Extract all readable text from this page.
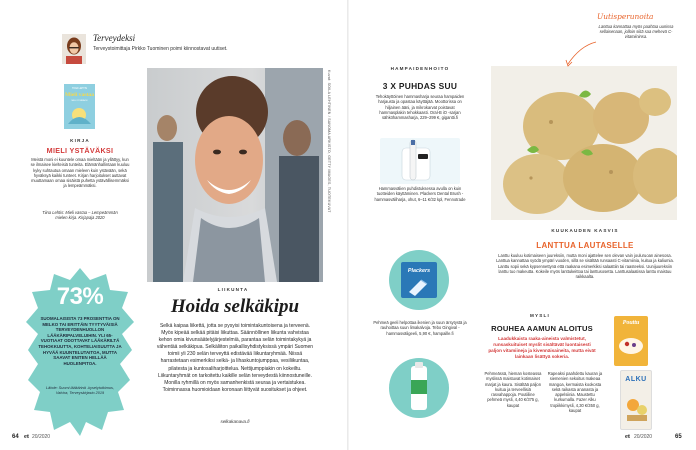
Terveydeksi
Terveystoimittaja Pirkko Tuominen poimi kiinnostavat uutiset.
TIINA LEHTIS
Mieli vastaa
MIELI YSTÄVÄKSI
KIRJA
MIELI YSTÄVÄKSI
Meistä moni ei kuuntele omaa mieltään ja yllättyy, kun se ilmaisee kielteisiä tunteita. Elämänhallintaan kuuluu kyky suhtautua omaan mieleen kuin ystävään, sekä hyväksyä kaikki tunteet. Kirjan harjoitukset auttavat muuttamaan omaa sisäistä puhetta ystävällisemmäksi ja lempeämmäksi.
Tiina Lehtis: Mieli vastaa – Lempeämmän mielen kirja. Kirjapaja 2020
73%
SUOMALAISISTA 73 PROSENTTIA ON MELKO TAI ERITTÄIN TYYTYVÄISIÄ TERVEYDENHUOLLON LÄÄKÄRIPALVELUIHIN. YLI 65-VUOTIAAT ODOTTAVAT LÄÄKÄRILTÄ TEHOKKUUTTA, KOHTELIAISUUTTA JA HYVÄÄ KUUNTELUTAITOA, MUTTA SAAVAT ENITEN HELLÄÄ HUOLENPITOA.
Lähde: Suomi lääkärinä -kyselytutkimus, Valvira, Terveyskirjasto 2019
Kuvat: SOILA LEHTINEN / SANOMA ARKISTO, GETTY IMAGES, TUOTEKUVAT
LIIKUNTA
Hoida selkäkipu
Selkä kaipaa liikettä, jotta se pysyisi toimintakuntoisena ja terveenä. Myös kipeää selkää pitäisi liikuttaa. Säännöllinen liikunta vahvistaa kehon omia kivunsäätelyjärjestelmiä, parantaa selän toimintakykyä ja vähentää selkäkipua. Selkäliiton paikallisyhdistyksissä ympäri Suomen toimii yli 230 selän terveyttä edistävää liikuntaryhmää. Niissä harrastetaan esimerkiksi selkä- ja lihaskuntojumppaa, vesiliikuntaa, pilatesta ja kuntosaliharjoittelua. Nettijumppiakin on kokeiltu. Liikuntaryhmät on tarkoitettu kaikille selän terveydestä kiinnostuneille. Monilla ryhmillä on myös samanhenkistä seuraa ja vertaistukea. Toiminnassa huomioidaan koronaan liittyvät suositukset ja ohjeet.
selkakanava.fi
64 et 20/2020
HAMPAIDENHOITO
3 X PUHDAS SUU
Tehokäyttöinen hammasharja seuraa hampaiden harjausta ja opastaa käyttäjää. Moottorissa on hiljainen ääni, ja mikrokarvat poistavat hammasplakin tehokkaasti. Oral-B iO -sarjan sähköhammasharja, 229–299 €, gigantti.fi
Hammasvälien puhdistuksessa avulla on kuin tuotteiden käyttäminen. Plackers Dental Brush -hammasväliharja, ohut, 6–11 €/32 kpl, Fennotrade
Plackers
Pehmeä geeli helpottaa ikenien ja suun ärsytystä ja rauhoittaa suun limakalvoja. Tebo Gingival -hammasväligeeli, 5,90 €, hampaille.fi
Uutisperunoita
Lanttua kannattaa myös paahtaa uunissa sellaisenaan, jolloin siitä saa mehevä C-vitamiininsa.
KUUKAUDEN KASVIS
LANTTUA LAUTASELLE
Lanttu kuuluu kotimaiseen juureksiin, mutta moni ajattelee sen olevan vain jouluruoan ainesosa. Lanttua kannattaa syödä ympäri vuoden, sillä se sisältää runsaasti C-vitamiinia, kuitua ja kaliumia. Lanttu sopii sekä kypsennettynä että raakana esimerkiksi salaattiin tai raasteeksi. Uunijuureksiin lanttu tuo makeutta. Kokeile myös lanttukeittoa tai lanttusosetta. Lanttusalaatissa lanttu maistuu raikkaalta.
MYSLI
ROUHEA AAMUN ALOITUS
Laadukkaista raaka-aineista valmistetut, runsaskuituiset myslit sisältävät luontaisesti paljon vitamiineja ja kivennäisaineita, mutta eivät lainkaan lisättyä sokeria.
Pehmeässä, hieman kosteassa myslissä maistuvat kotimaiset marjat ja kaura. Sisältää paljon kuitua ja terveellisiä rasvahappoja. Poutiiline pehmeä mysli, 4,40 €/375 g, kaupat
Rapeaksi paahdettu kauran ja siemenien sekoitus makeaa mangoa, kermaista kookosta sekä raikasta ananasta ja appelsiinia. Maustettu kurkumalla. Fazer Alku tropiikkimysli, 4,30 €/350 g, kaupat
Pouttu
ALKU
et 20/2020	65
